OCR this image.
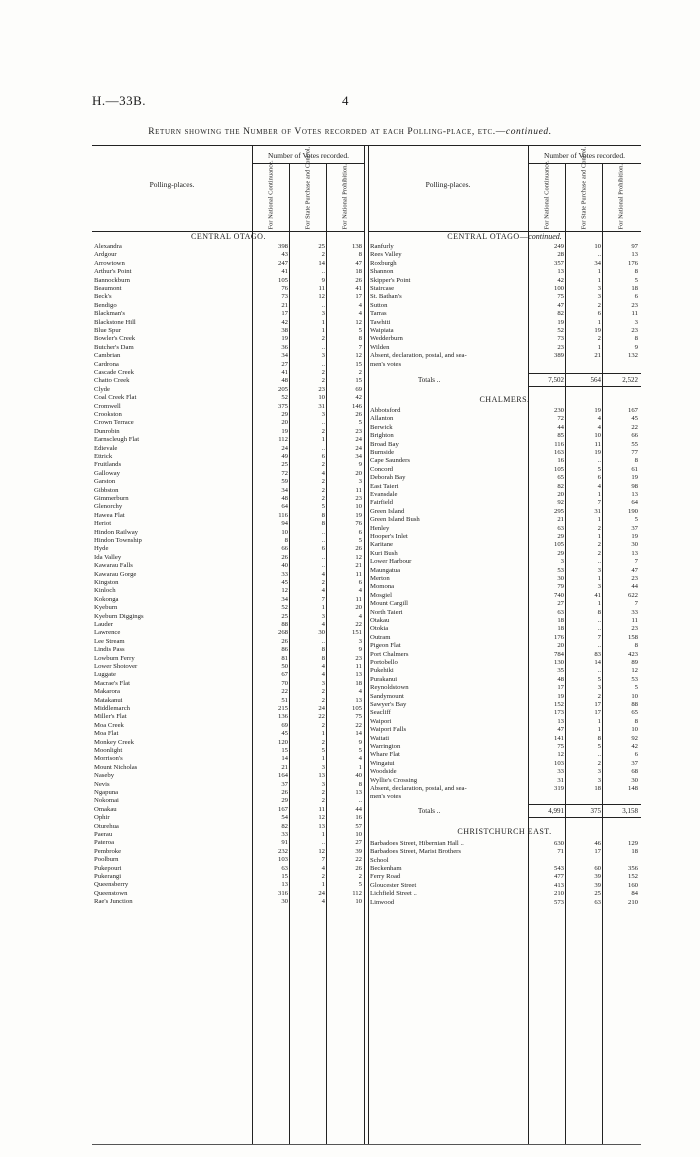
H.—33B.	4
Return showing the Number of Votes recorded at each Polling-place, etc.—continued.
Polling-places.
Number of Votes recorded.
For National Continuance.	For State Purchase and Control.	For National Prohibition.
CENTRAL OTAGO.
Alexandra	398	25	138
Ardgour	43	2	8
Arrowtown	247	14	47
Arthur's Point	41	..	18
Bannockburn	105	9	26
Beaumont	76	11	41
Beck's	73	12	17
Bendigo	21	..	4
Blackman's	17	3	4
Blackstone Hill	42	1	12
Blue Spur	38	1	5
Bowler's Creek	19	2	8
Butcher's Dam	36	..	7
Cambrian	34	3	12
Cardrona	27	..	15
Cascade Creek	41	2	2
Chatto Creek	48	2	15
Clyde	205	23	69
Coal Creek Flat	52	10	42
Cromwell	375	31	146
Crookston	29	3	26
Crown Terrace	20	..	5
Dunrobin	19	2	23
Earnscleugh Flat	112	1	24
Edievale	24	..	24
Ettrick	49	6	34
Fruitlands	25	2	9
Galloway	72	4	20
Garston	59	2	3
Gibbston	34	2	11
Gimmerburn	48	2	23
Glenorchy	64	5	10
Hawea Flat	116	8	19
Heriot	94	8	76
Hindon Railway	10	..	6
Hindon Township	8	..	5
Hyde	66	6	26
Ida Valley	26	..	12
Kawarau Falls	40	..	21
Kawarau Gorge	33	4	11
Kingston	45	2	6
Kinloch	12	4	4
Kokonga	34	7	11
Kyeburn	52	1	20
Kyeburn Diggings	25	3	4
Lauder	88	4	22
Lawrence	268	30	151
Lee Stream	26	..	3
Lindis Pass	86	8	9
Lowburn Ferry	81	8	23
Lower Shotover	50	4	11
Luggate	67	4	13
Macrae's Flat	70	3	18
Makarora	22	2	4
Matakanui	51	2	13
Middlemarch	215	24	105
Miller's Flat	136	22	75
Moa Creek	69	2	22
Moa Flat	45	1	14
Monkey Creek	120	2	9
Moonlight	15	5	5
Morrison's	14	1	4
Mount Nicholas	21	3	1
Naseby	164	13	40
Nevis	37	3	8
Ngapuna	26	2	13
Nokomai	29	2	..
Omakau	167	11	44
Ophir	54	12	16
Oturehua	82	13	57
Paerau	33	1	10
Pateroa	91	..	27
Pembroke	232	12	39
Poolburn	103	7	22
Pukepouri	63	4	26
Pukerangi	15	2	2
Queensberry	13	1	5
Queenstown	316	24	112
Rae's Junction	30	4	10
Polling-places.
Number of Votes recorded.
For National Continuance.	For State Purchase and Control.	For National Prohibition.
CENTRAL OTAGO—continued.
CHALMERS.
CHRISTCHURCH EAST.
Ranfurly	249	10	97
Rees Valley	28	..	13
Roxburgh	357	34	176
Shannon	13	1	8
Skipper's Point	42	1	5
Staircase	100	3	18
St. Bathan's	75	3	6
Sutton	47	2	23
Tarras	82	6	11
Tawhiti	19	1	3
Waipiata	52	19	23
Wedderburn	73	2	8
Wilden	23	1	9
Absent, declaration, postal, and sea-	389	21	132
men's votes
Totals ..	7,502	564	2,522
Abbotsford	230	19	167
Allanton	72	4	45
Berwick	44	4	22
Brighton	85	10	66
Broad Bay	116	11	55
Burnside	163	19	77
Cape Saunders	16	..	8
Concord	105	5	61
Deborah Bay	65	6	19
East Taieri	82	4	98
Evansdale	20	1	13
Fairfield	92	7	64
Green Island	295	31	190
Green Island Bush	21	1	5
Henley	63	2	37
Hooper's Inlet	29	1	19
Karitane	105	2	30
Kuri Bush	29	2	13
Lower Harbour	3	..	7
Maungatua	53	3	47
Merton	30	1	23
Momona	79	3	44
Mosgiel	740	41	622
Mount Cargill	27	1	7
North Taieri	63	8	33
Otakau	18	..	11
Otokia	18	..	23
Outram	176	7	158
Pigeon Flat	20	..	8
Port Chalmers	784	83	423
Portobello	130	14	89
Pukehiki	35	..	12
Purakanui	48	5	53
Reynoldstown	17	3	5
Sandymount	19	2	10
Sawyer's Bay	152	17	88
Seacliff	173	17	65
Waipori	13	1	8
Waipori Falls	47	1	10
Waitati	141	8	92
Warrington	75	5	42
Whare Flat	12	..	6
Wingatui	103	2	37
Woodside	33	3	68
Wyllie's Crossing	31	3	30
Absent, declaration, postal, and sea-	319	18	148
men's votes
Totals ..	4,991	375	3,158
Barbadoes Street, Hibernian Hall ..	630	46	129
Barbadoes Street, Marist Brothers	71	17	18
School
Beckenham	543	60	356
Ferry Road	477	39	152
Gloucester Street	413	39	160
Lichfield Street ..	210	25	84
Linwood	573	63	210
